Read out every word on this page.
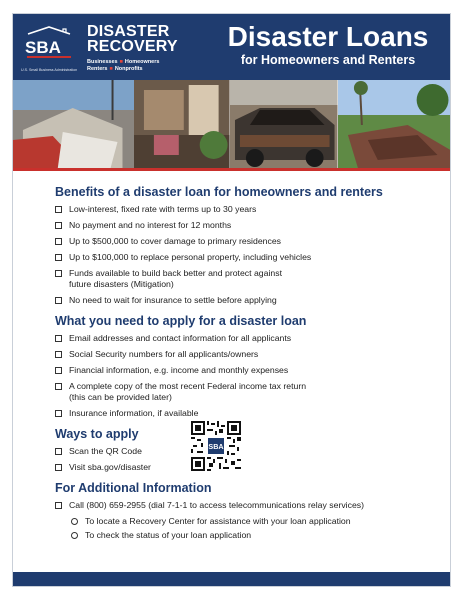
SBA
U.S. Small Business Administration
DISASTER
RECOVERY
Businesses ■ Homeowners
Renters ■ Nonprofits
Disaster Loans
for Homeowners and Renters
Benefits of a disaster loan for homeowners and renters
Low-interest, fixed rate with terms up to 30 years
No payment and no interest for 12 months
Up to $500,000 to cover damage to primary residences
Up to $100,000 to replace personal property, including vehicles
Funds available to build back better and protect against
future disasters (Mitigation)
No need to wait for insurance to settle before applying
What you need to apply for a disaster loan
Email addresses and contact information for all applicants
Social Security numbers for all applicants/owners
Financial information, e.g. income and monthly expenses
A complete copy of the most recent Federal income tax return
(this can be provided later)
Insurance information, if available
Ways to apply
Scan the QR Code
Visit sba.gov/disaster
SBA
For Additional Information
Call (800) 659-2955 (dial 7-1-1 to access telecommunications relay services)
To locate a Recovery Center for assistance with your loan application
To check the status of your loan application
